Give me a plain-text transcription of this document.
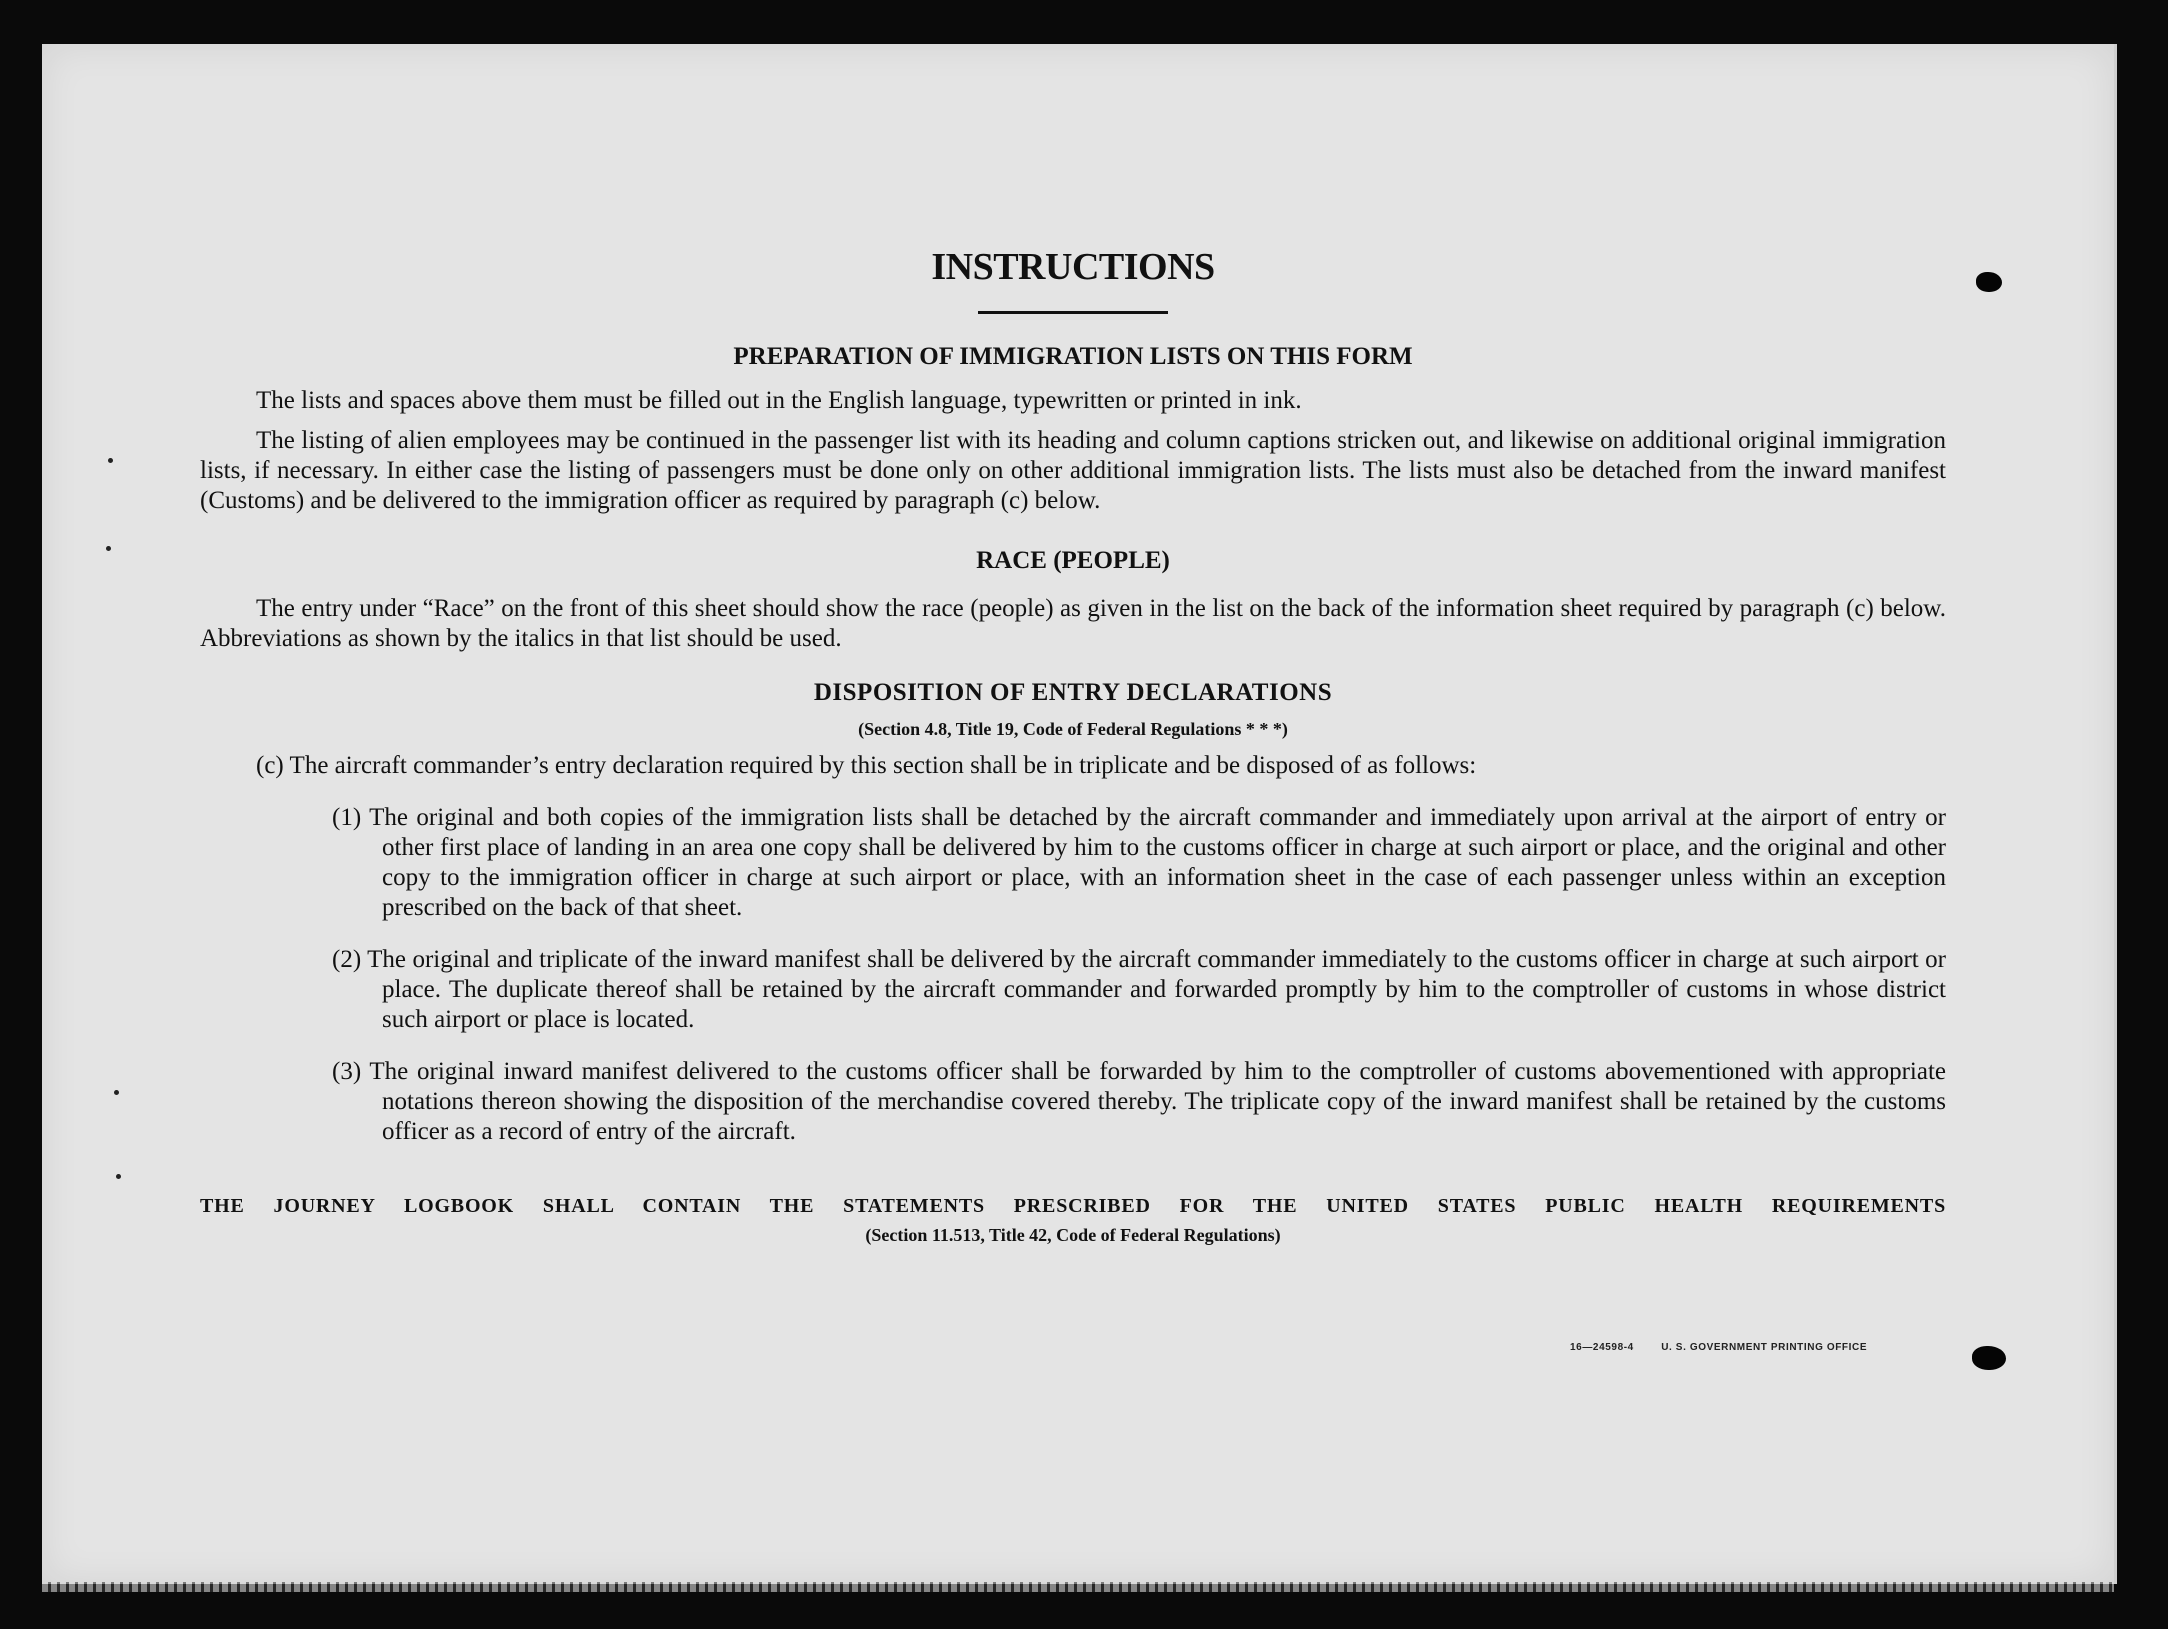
INSTRUCTIONS
PREPARATION OF IMMIGRATION LISTS ON THIS FORM

The lists and spaces above them must be filled out in the English language, typewritten or printed in ink.

The listing of alien employees may be continued in the passenger list with its heading and column captions stricken out, and likewise on additional original immigration lists, if necessary. In either case the listing of passengers must be done only on other additional immigration lists. The lists must also be detached from the inward manifest (Customs) and be delivered to the immigration officer as required by paragraph (c) below.

RACE (PEOPLE)

The entry under “Race” on the front of this sheet should show the race (people) as given in the list on the back of the information sheet required by paragraph (c) below. Abbreviations as shown by the italics in that list should be used.

DISPOSITION OF ENTRY DECLARATIONS

(Section 4.8, Title 19, Code of Federal Regulations * * *)

(c) The aircraft commander’s entry declaration required by this section shall be in triplicate and be disposed of as follows:

(1) The original and both copies of the immigration lists shall be detached by the aircraft commander and immediately upon arrival at the airport of entry or other first place of landing in an area one copy shall be delivered by him to the customs officer in charge at such airport or place, and the original and other copy to the immigration officer in charge at such airport or place, with an information sheet in the case of each passenger unless within an exception prescribed on the back of that sheet.

(2) The original and triplicate of the inward manifest shall be delivered by the aircraft commander immediately to the customs officer in charge at such airport or place. The duplicate thereof shall be retained by the aircraft commander and forwarded promptly by him to the comptroller of customs in whose district such airport or place is located.

(3) The original inward manifest delivered to the customs officer shall be forwarded by him to the comptroller of customs abovementioned with appropriate notations thereon showing the disposition of the merchandise covered thereby. The triplicate copy of the inward manifest shall be retained by the customs officer as a record of entry of the aircraft.

THE JOURNEY LOGBOOK SHALL CONTAIN THE STATEMENTS PRESCRIBED FOR THE UNITED STATES PUBLIC HEALTH REQUIREMENTS

(Section 11.513, Title 42, Code of Federal Regulations)

16—24598-4	U. S. GOVERNMENT PRINTING OFFICE
